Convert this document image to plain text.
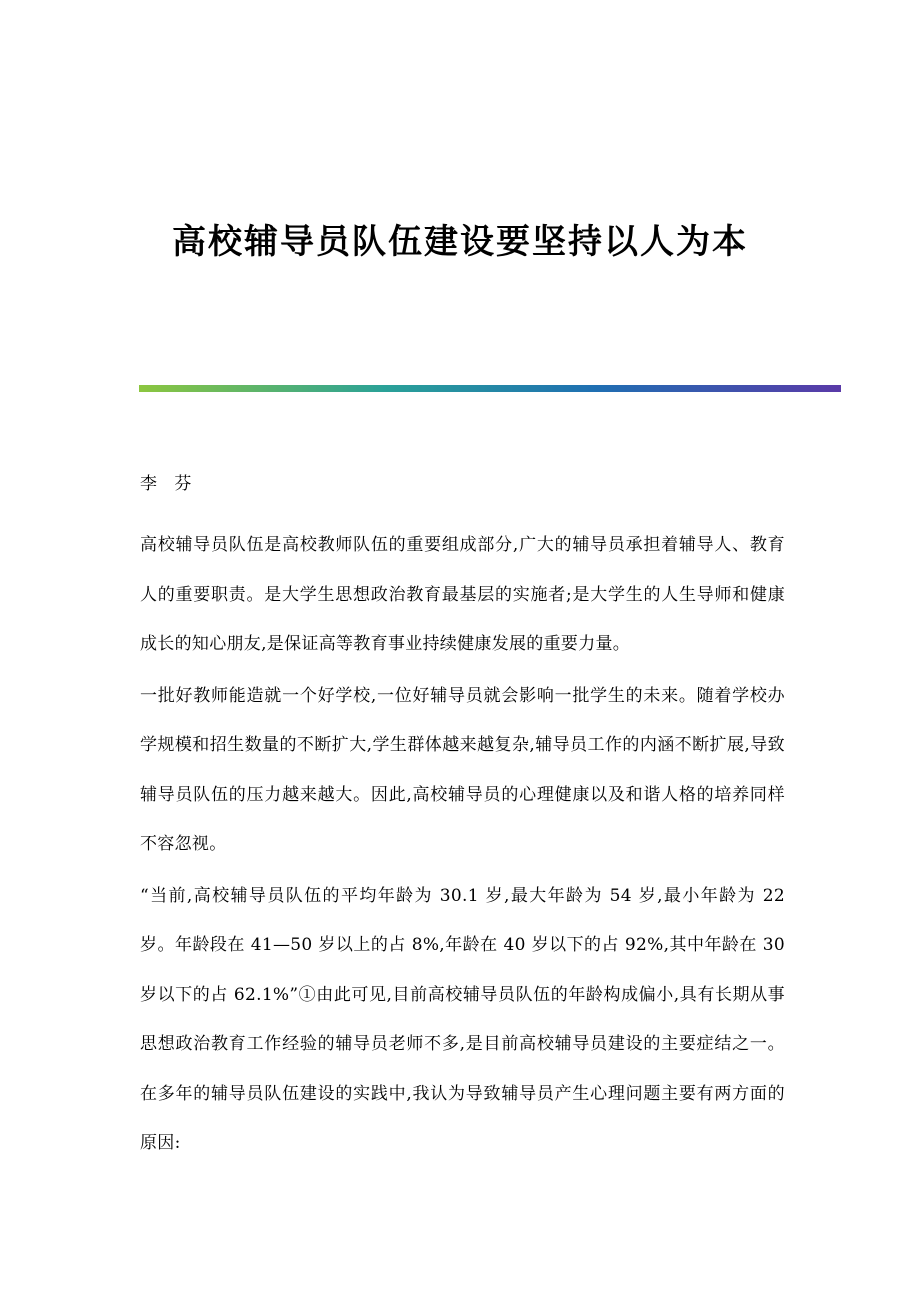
高校辅导员队伍建设要坚持以人为本

李 芬

高校辅导员队伍是高校教师队伍的重要组成部分,广大的辅导员承担着辅导人、教育人的重要职责。是大学生思想政治教育最基层的实施者;是大学生的人生导师和健康成长的知心朋友,是保证高等教育事业持续健康发展的重要力量。

一批好教师能造就一个好学校,一位好辅导员就会影响一批学生的未来。随着学校办学规模和招生数量的不断扩大,学生群体越来越复杂,辅导员工作的内涵不断扩展,导致辅导员队伍的压力越来越大。因此,高校辅导员的心理健康以及和谐人格的培养同样不容忽视。

“当前,高校辅导员队伍的平均年龄为 30.1 岁,最大年龄为 54 岁,最小年龄为 22 岁。年龄段在 41—50 岁以上的占 8%,年龄在 40 岁以下的占 92%,其中年龄在 30 岁以下的占 62.1%”①由此可见,目前高校辅导员队伍的年龄构成偏小,具有长期从事思想政治教育工作经验的辅导员老师不多,是目前高校辅导员建设的主要症结之一。在多年的辅导员队伍建设的实践中,我认为导致辅导员产生心理问题主要有两方面的原因:
